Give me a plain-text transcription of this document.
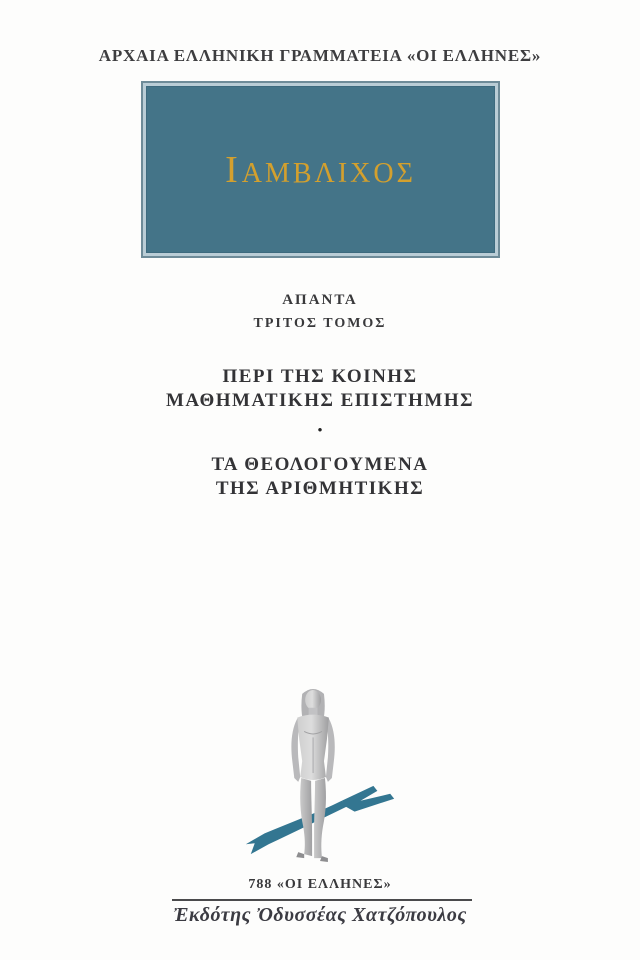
ΑΡΧΑΙΑ ΕΛΛΗΝΙΚΗ ΓΡΑΜΜΑΤΕΙΑ «ΟΙ ΕΛΛΗΝΕΣ»
ΙΑΜΒΛΙΧΟΣ
ΑΠΑΝΤΑ
ΤΡΙΤΟΣ ΤΟΜΟΣ
ΠΕΡΙ ΤΗΣ ΚΟΙΝΗΣ
ΜΑΘΗΜΑΤΙΚΗΣ ΕΠΙΣΤΗΜΗΣ
•
ΤΑ ΘΕΟΛΟΓΟΥΜΕΝΑ
ΤΗΣ ΑΡΙΘΜΗΤΙΚΗΣ
788 «ΟΙ ΕΛΛΗΝΕΣ»
Ἐκδότης Ὀδυσσέας Χατζόπουλος
